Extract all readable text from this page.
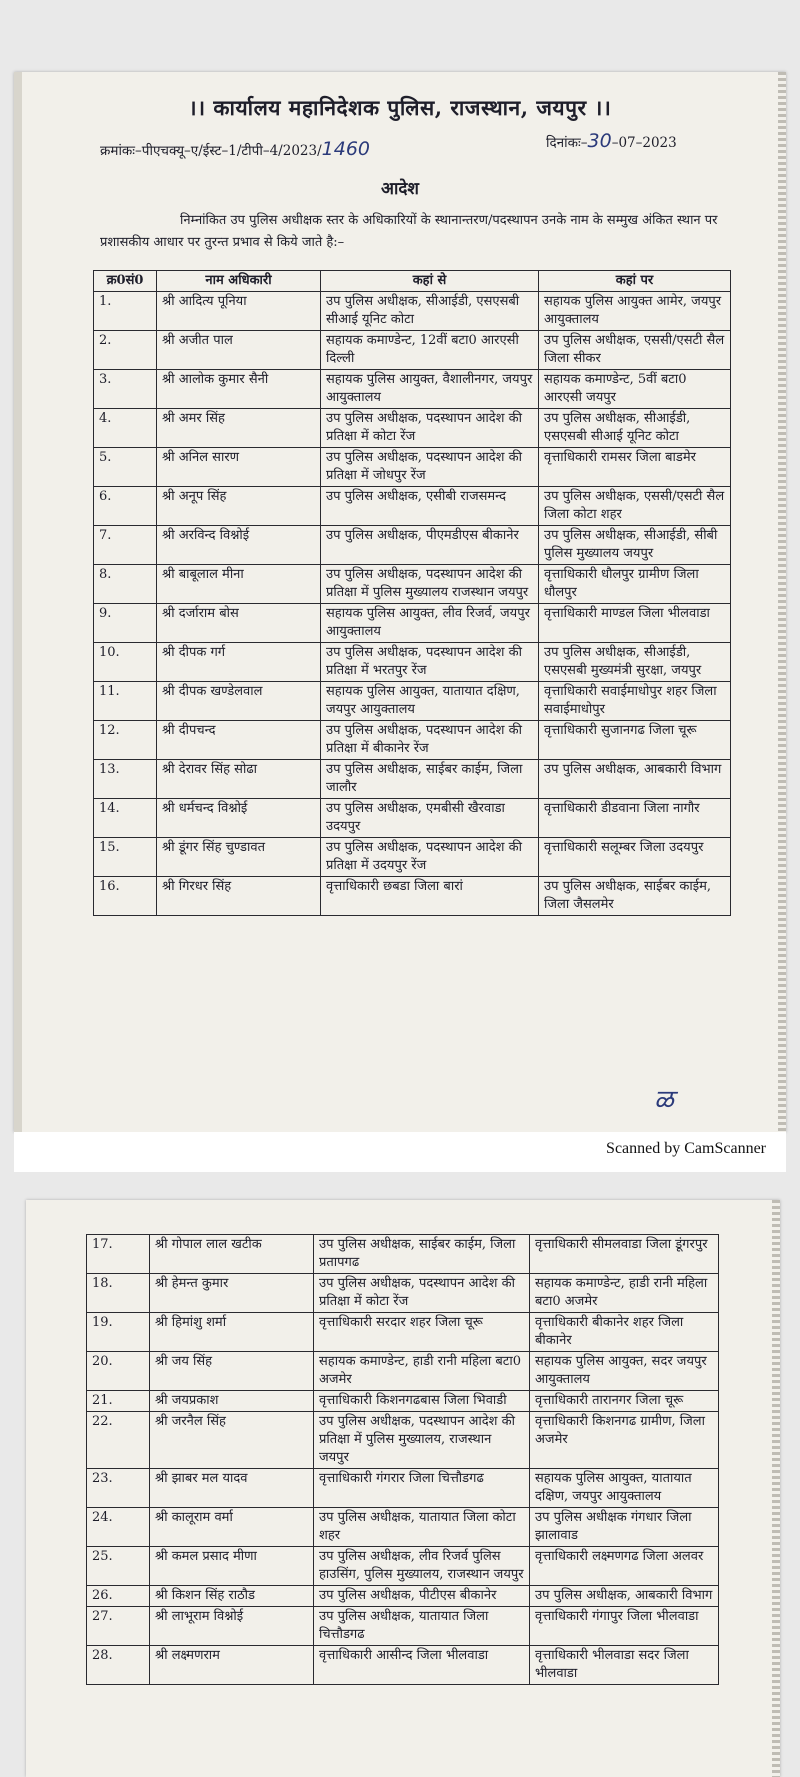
।। कार्यालय महानिदेशक पुलिस, राजस्थान, जयपुर ।।
क्रमांकः–पीएचक्यू–ए/ईस्ट–1/टीपी–4/2023/1460	दिनांकः–30–07–2023
आदेश
निम्नांकित उप पुलिस अधीक्षक स्तर के अधिकारियों के स्थानान्तरण/पदस्थापन उनके नाम के सम्मुख अंकित स्थान पर प्रशासकीय आधार पर तुरन्त प्रभाव से किये जाते है:–
क्र0सं0	नाम अधिकारी	कहां से	कहां पर
1.	श्री आदित्य पूनिया	उप पुलिस अधीक्षक, सीआईडी, एसएसबी सीआई यूनिट कोटा	सहायक पुलिस आयुक्त आमेर, जयपुर आयुक्तालय
2.	श्री अजीत पाल	सहायक कमाण्डेन्ट, 12वीं बटा0 आरएसी दिल्ली	उप पुलिस अधीक्षक, एससी/एसटी सैल जिला सीकर
3.	श्री आलोक कुमार सैनी	सहायक पुलिस आयुक्त, वैशालीनगर, जयपुर आयुक्तालय	सहायक कमाण्डेन्ट, 5वीं बटा0 आरएसी जयपुर
4.	श्री अमर सिंह	उप पुलिस अधीक्षक, पदस्थापन आदेश की प्रतिक्षा में कोटा रेंज	उप पुलिस अधीक्षक, सीआईडी, एसएसबी सीआई यूनिट कोटा
5.	श्री अनिल सारण	उप पुलिस अधीक्षक, पदस्थापन आदेश की प्रतिक्षा में जोधपुर रेंज	वृत्ताधिकारी रामसर जिला बाडमेर
6.	श्री अनूप सिंह	उप पुलिस अधीक्षक, एसीबी राजसमन्द	उप पुलिस अधीक्षक, एससी/एसटी सैल जिला कोटा शहर
7.	श्री अरविन्द विश्नोई	उप पुलिस अधीक्षक, पीएमडीएस बीकानेर	उप पुलिस अधीक्षक, सीआईडी, सीबी पुलिस मुख्यालय जयपुर
8.	श्री बाबूलाल मीना	उप पुलिस अधीक्षक, पदस्थापन आदेश की प्रतिक्षा में पुलिस मुख्यालय राजस्थान जयपुर	वृत्ताधिकारी धौलपुर ग्रामीण जिला धौलपुर
9.	श्री दर्जाराम बोस	सहायक पुलिस आयुक्त, लीव रिजर्व, जयपुर आयुक्तालय	वृत्ताधिकारी माण्डल जिला भीलवाडा
10.	श्री दीपक गर्ग	उप पुलिस अधीक्षक, पदस्थापन आदेश की प्रतिक्षा में भरतपुर रेंज	उप पुलिस अधीक्षक, सीआईडी, एसएसबी मुख्यमंत्री सुरक्षा, जयपुर
11.	श्री दीपक खण्डेलवाल	सहायक पुलिस आयुक्त, यातायात दक्षिण, जयपुर आयुक्तालय	वृत्ताधिकारी सवाईमाधोपुर शहर जिला सवाईमाधोपुर
12.	श्री दीपचन्द	उप पुलिस अधीक्षक, पदस्थापन आदेश की प्रतिक्षा में बीकानेर रेंज	वृत्ताधिकारी सुजानगढ जिला चूरू
13.	श्री देरावर सिंह सोढा	उप पुलिस अधीक्षक, साईबर काईम, जिला जालौर	उप पुलिस अधीक्षक, आबकारी विभाग
14.	श्री धर्मचन्द विश्नोई	उप पुलिस अधीक्षक, एमबीसी खैरवाडा उदयपुर	वृत्ताधिकारी डीडवाना जिला नागौर
15.	श्री डूंगर सिंह चुण्डावत	उप पुलिस अधीक्षक, पदस्थापन आदेश की प्रतिक्षा में उदयपुर रेंज	वृत्ताधिकारी सलूम्बर जिला उदयपुर
16.	श्री गिरधर सिंह	वृत्ताधिकारी छबडा जिला बारां	उप पुलिस अधीक्षक, साईबर काईम, जिला जैसलमेर
ळ
Scanned by CamScanner
17.	श्री गोपाल लाल खटीक	उप पुलिस अधीक्षक, साईबर काईम, जिला प्रतापगढ	वृत्ताधिकारी सीमलवाडा जिला डूंगरपुर
18.	श्री हेमन्त कुमार	उप पुलिस अधीक्षक, पदस्थापन आदेश की प्रतिक्षा में कोटा रेंज	सहायक कमाण्डेन्ट, हाडी रानी महिला बटा0 अजमेर
19.	श्री हिमांशु शर्मा	वृत्ताधिकारी सरदार शहर जिला चूरू	वृत्ताधिकारी बीकानेर शहर जिला बीकानेर
20.	श्री जय सिंह	सहायक कमाण्डेन्ट, हाडी रानी महिला बटा0 अजमेर	सहायक पुलिस आयुक्त, सदर जयपुर आयुक्तालय
21.	श्री जयप्रकाश	वृत्ताधिकारी किशनगढबास जिला भिवाडी	वृत्ताधिकारी तारानगर जिला चूरू
22.	श्री जरनैल सिंह	उप पुलिस अधीक्षक, पदस्थापन आदेश की प्रतिक्षा में पुलिस मुख्यालय, राजस्थान जयपुर	वृत्ताधिकारी किशनगढ ग्रामीण, जिला अजमेर
23.	श्री झाबर मल यादव	वृत्ताधिकारी गंगरार जिला चित्तौडगढ	सहायक पुलिस आयुक्त, यातायात दक्षिण, जयपुर आयुक्तालय
24.	श्री कालूराम वर्मा	उप पुलिस अधीक्षक, यातायात जिला कोटा शहर	उप पुलिस अधीक्षक गंगधार जिला झालावाड
25.	श्री कमल प्रसाद मीणा	उप पुलिस अधीक्षक, लीव रिजर्व पुलिस हाउसिंग, पुलिस मुख्यालय, राजस्थान जयपुर	वृत्ताधिकारी लक्ष्मणगढ जिला अलवर
26.	श्री किशन सिंह राठौड	उप पुलिस अधीक्षक, पीटीएस बीकानेर	उप पुलिस अधीक्षक, आबकारी विभाग
27.	श्री लाभूराम विश्नोई	उप पुलिस अधीक्षक, यातायात जिला चित्तौडगढ	वृत्ताधिकारी गंगापुर जिला भीलवाडा
28.	श्री लक्ष्मणराम	वृत्ताधिकारी आसीन्द जिला भीलवाडा	वृत्ताधिकारी भीलवाडा सदर जिला भीलवाडा
